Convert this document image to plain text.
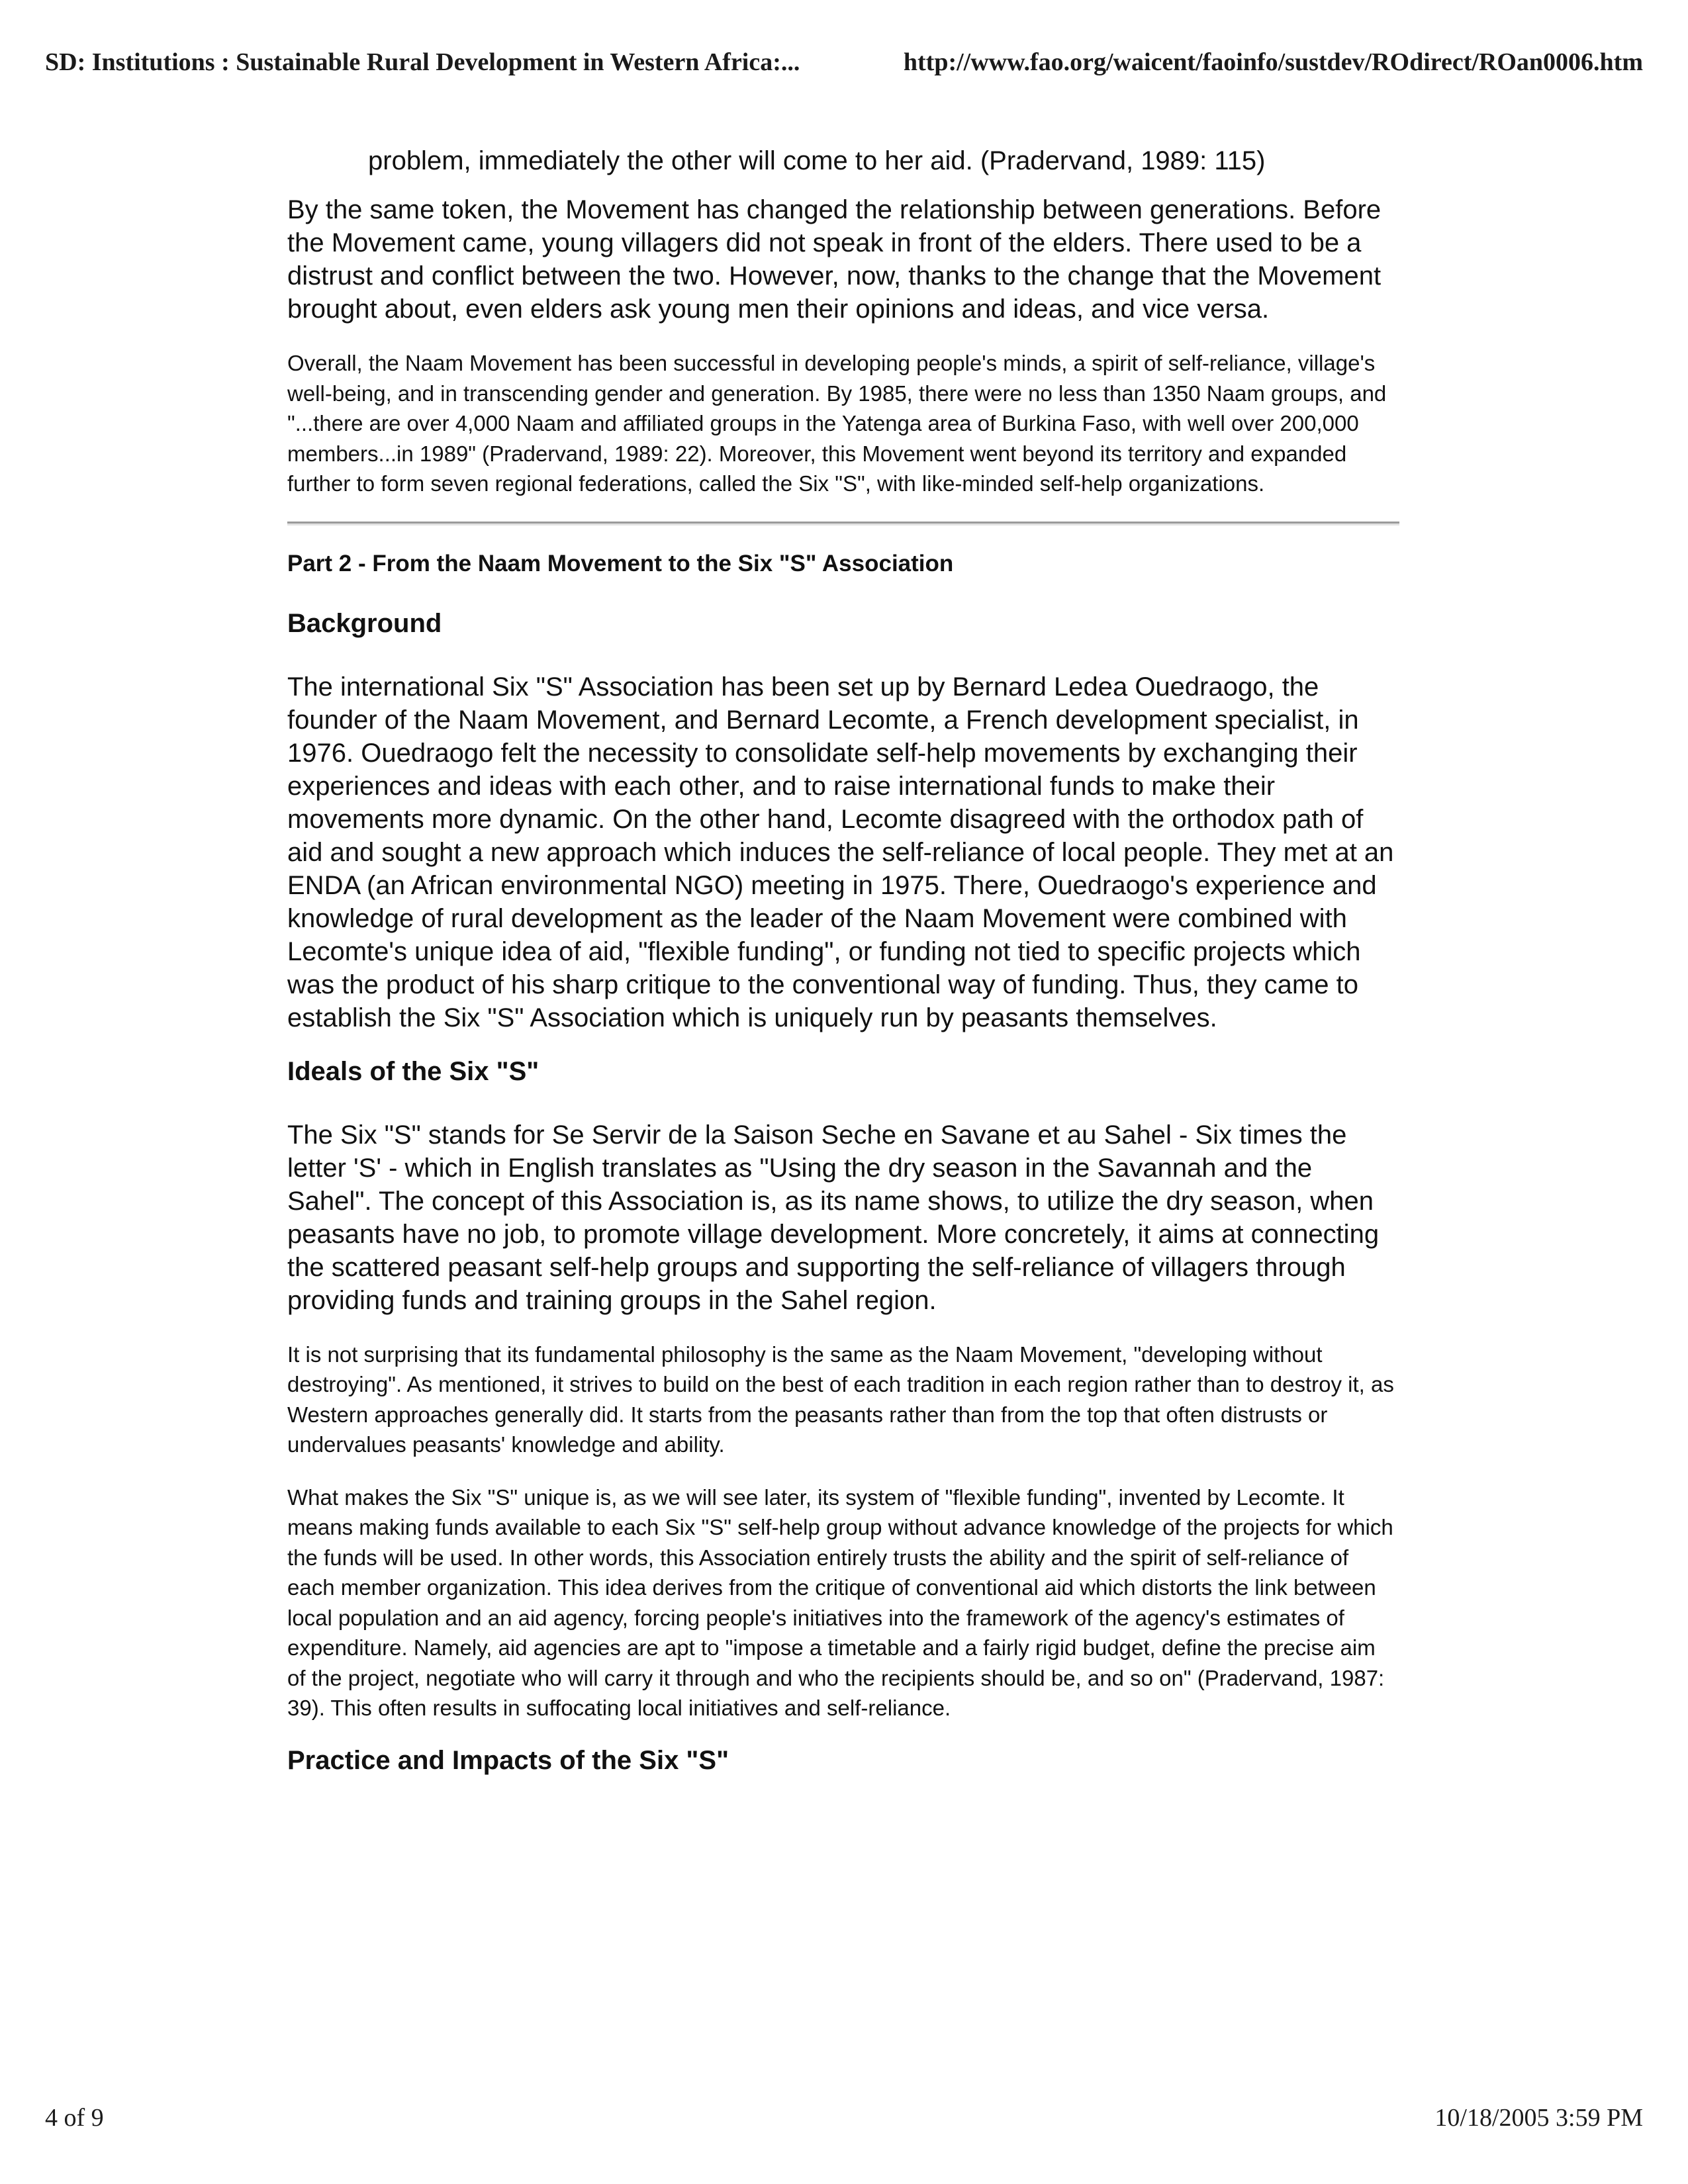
SD: Institutions : Sustainable Rural Development in Western Africa:...	http://www.fao.org/waicent/faoinfo/sustdev/ROdirect/ROan0006.htm

problem, immediately the other will come to her aid. (Pradervand, 1989: 115)

By the same token, the Movement has changed the relationship between generations. Before the Movement came, young villagers did not speak in front of the elders. There used to be a distrust and conflict between the two. However, now, thanks to the change that the Movement brought about, even elders ask young men their opinions and ideas, and vice versa.

Overall, the Naam Movement has been successful in developing people's minds, a spirit of self-reliance, village's well-being, and in transcending gender and generation. By 1985, there were no less than 1350 Naam groups, and "...there are over 4,000 Naam and affiliated groups in the Yatenga area of Burkina Faso, with well over 200,000 members...in 1989" (Pradervand, 1989: 22). Moreover, this Movement went beyond its territory and expanded further to form seven regional federations, called the Six "S", with like-minded self-help organizations.

Part 2 - From the Naam Movement to the Six "S" Association
Background

The international Six "S" Association has been set up by Bernard Ledea Ouedraogo, the founder of the Naam Movement, and Bernard Lecomte, a French development specialist, in 1976. Ouedraogo felt the necessity to consolidate self-help movements by exchanging their experiences and ideas with each other, and to raise international funds to make their movements more dynamic. On the other hand, Lecomte disagreed with the orthodox path of aid and sought a new approach which induces the self-reliance of local people. They met at an ENDA (an African environmental NGO) meeting in 1975. There, Ouedraogo's experience and knowledge of rural development as the leader of the Naam Movement were combined with Lecomte's unique idea of aid, "flexible funding", or funding not tied to specific projects which was the product of his sharp critique to the conventional way of funding. Thus, they came to establish the Six "S" Association which is uniquely run by peasants themselves.

Ideals of the Six "S"

The Six "S" stands for Se Servir de la Saison Seche en Savane et au Sahel - Six times the letter 'S' - which in English translates as "Using the dry season in the Savannah and the Sahel". The concept of this Association is, as its name shows, to utilize the dry season, when peasants have no job, to promote village development. More concretely, it aims at connecting the scattered peasant self-help groups and supporting the self-reliance of villagers through providing funds and training groups in the Sahel region.

It is not surprising that its fundamental philosophy is the same as the Naam Movement, "developing without destroying". As mentioned, it strives to build on the best of each tradition in each region rather than to destroy it, as Western approaches generally did. It starts from the peasants rather than from the top that often distrusts or undervalues peasants' knowledge and ability.

What makes the Six "S" unique is, as we will see later, its system of "flexible funding", invented by Lecomte. It means making funds available to each Six "S" self-help group without advance knowledge of the projects for which the funds will be used. In other words, this Association entirely trusts the ability and the spirit of self-reliance of each member organization. This idea derives from the critique of conventional aid which distorts the link between local population and an aid agency, forcing people's initiatives into the framework of the agency's estimates of expenditure. Namely, aid agencies are apt to "impose a timetable and a fairly rigid budget, define the precise aim of the project, negotiate who will carry it through and who the recipients should be, and so on" (Pradervand, 1987: 39). This often results in suffocating local initiatives and self-reliance.

Practice and Impacts of the Six "S"
4 of 9	10/18/2005 3:59 PM
